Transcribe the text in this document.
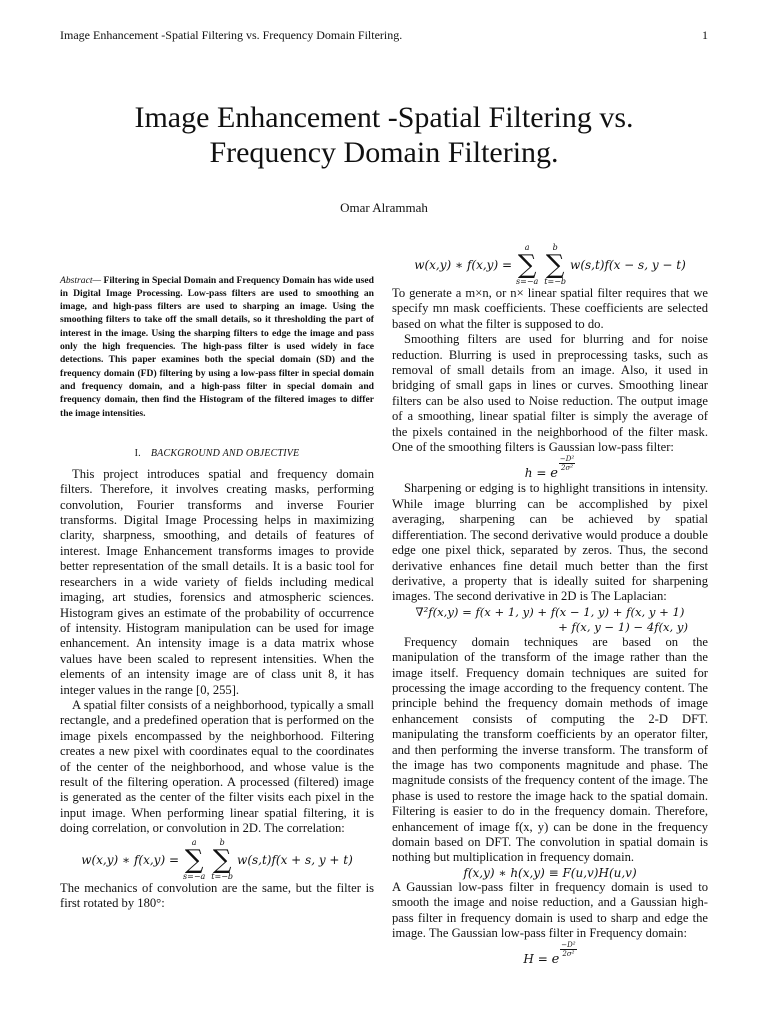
Image Enhancement -Spatial Filtering vs. Frequency Domain Filtering.	1
Image Enhancement -Spatial Filtering vs.
Frequency Domain Filtering.
Omar Alrammah

Abstract— Filtering in Special Domain and Frequency Domain has wide used in Digital Image Processing. Low-pass filters are used to smoothing an image, and high-pass filters are used to sharping an image. Using the smoothing filters to take off the small details, so it thresholding the part of interest in the image. Using the sharping filters to edge the image and pass only the high frequencies. The high-pass filter is used widely in face detections. This paper examines both the special domain (SD) and the frequency domain (FD) filtering by using a low-pass filter in special domain and frequency domain, and a high-pass filter in special domain and frequency domain, then find the Histogram of the filtered images to differ the image intensities.

I. BACKGROUND AND OBJECTIVE

This project introduces spatial and frequency domain filters. Therefore, it involves creating masks, performing convolution, Fourier transforms and inverse Fourier transforms. Digital Image Processing helps in maximizing clarity, sharpness, smoothing, and details of features of interest. Image Enhancement transforms images to provide better representation of the small details. It is a basic tool for researchers in a wide variety of fields including medical imaging, art studies, forensics and atmospheric sciences. Histogram gives an estimate of the probability of occurrence of intensity. Histogram manipulation can be used for image enhancement. An intensity image is a data matrix whose values have been scaled to represent intensities. When the elements of an intensity image are of class unit 8, it has integer values in the range [0, 255].

A spatial filter consists of a neighborhood, typically a small rectangle, and a predefined operation that is performed on the image pixels encompassed by the neighborhood. Filtering creates a new pixel with coordinates equal to the coordinates of the center of the neighborhood, and whose value is the result of the filtering operation. A processed (filtered) image is generated as the center of the filter visits each pixel in the input image. When performing linear spatial filtering, it is doing correlation, or convolution in 2D. The correlation:

w(x,y) ∗ f(x,y) =
a
∑
s=−a
b
∑
t=−b
w(s,t)f(x + s, y + t)

The mechanics of convolution are the same, but the filter is first rotated by 180°:

w(x,y) ∗ f(x,y) =
a
∑
s=−a
b
∑
t=−b
w(s,t)f(x − s, y − t)

To generate a m×n, or n× linear spatial filter requires that we specify mn mask coefficients. These coefficients are selected based on what the filter is supposed to do.

Smoothing filters are used for blurring and for noise reduction. Blurring is used in preprocessing tasks, such as removal of small details from an image. Also, it used in bridging of small gaps in lines or curves. Smoothing linear filters can be also used to Noise reduction. The output image of a smoothing, linear spatial filter is simply the average of the pixels contained in the neighborhood of the filter mask. One of the smoothing filters is Gaussian low-pass filter:

h = e
$\frac{\text{−D²}}{\text{2σ²}}$

Sharpening or edging is to highlight transitions in intensity. While image blurring can be accomplished by pixel averaging, sharpening can be achieved by spatial differentiation. The second derivative would produce a double edge one pixel thick, separated by zeros. Thus, the second derivative enhances fine detail much better than the first derivative, a property that is ideally suited for sharpening images. The second derivative in 2D is The Laplacian:

∇²f(x,y) = f(x + 1, y) + f(x − 1, y) + f(x, y + 1)
+ f(x, y − 1) − 4f(x, y)

Frequency domain techniques are based on the manipulation of the transform of the image rather than the image itself. Frequency domain techniques are suited for processing the image according to the frequency content. The principle behind the frequency domain methods of image enhancement consists of computing the 2-D DFT. manipulating the transform coefficients by an operator filter, and then performing the inverse transform. The transform of the image has two components magnitude and phase. The magnitude consists of the frequency content of the image. The phase is used to restore the image hack to the spatial domain. Filtering is easier to do in the frequency domain. Therefore, enhancement of image f(x, y) can be done in the frequency domain based on DFT. The convolution in spatial domain is nothing but multiplication in frequency domain.

f(x,y) ∗ h(x,y) ≡ F(u,v)H(u,v)

A Gaussian low-pass filter in frequency domain is used to smooth the image and noise reduction, and a Gaussian high-pass filter in frequency domain is used to sharp and edge the image. The Gaussian low-pass filter in Frequency domain:

H = e
$\frac{\text{−D²}}{\text{2σ²}}$
